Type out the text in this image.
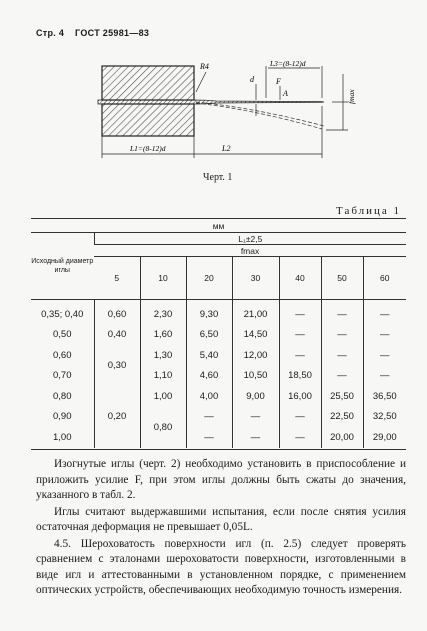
Стр. 4 ГОСТ 25981—83
R4	L3=(8-12)d
d	F
A	fmax
L1=(8-12)d	L2
Черт. 1
Таблица 1
мм							
Исходный диаметр иглы	L₁±2,5						
	fmax						
	5	10	20	30	40	50	60
0,35; 0,40	0,60	2,30	9,30	21,00	—	—	—
0,50	0,40	1,60	6,50	14,50	—	—	—
0,60	0,30	1,30	5,40	12,00	—	—	—
0,70		1,10	4,60	10,50	18,50	—	—
0,80	0,20	1,00	4,00	9,00	16,00	25,50	36,50
0,90		0,80	—	—	—	22,50	32,50
1,00			—	—	—	20,00	29,00

Изогнутые иглы (черт. 2) необходимо установить в приспособление и приложить усилие F, при этом иглы должны быть сжаты до значения, указанного в табл. 2.

Иглы считают выдержавшими испытания, если после снятия усилия остаточная деформация не превышает 0,05L.

4.5. Шероховатость поверхности игл (п. 2.5) следует проверять сравнением с эталонами шероховатости поверхности, изготовленными в виде игл и аттестованными в установленном порядке, с применением оптических устройств, обеспечивающих необходимую точность измерения.
